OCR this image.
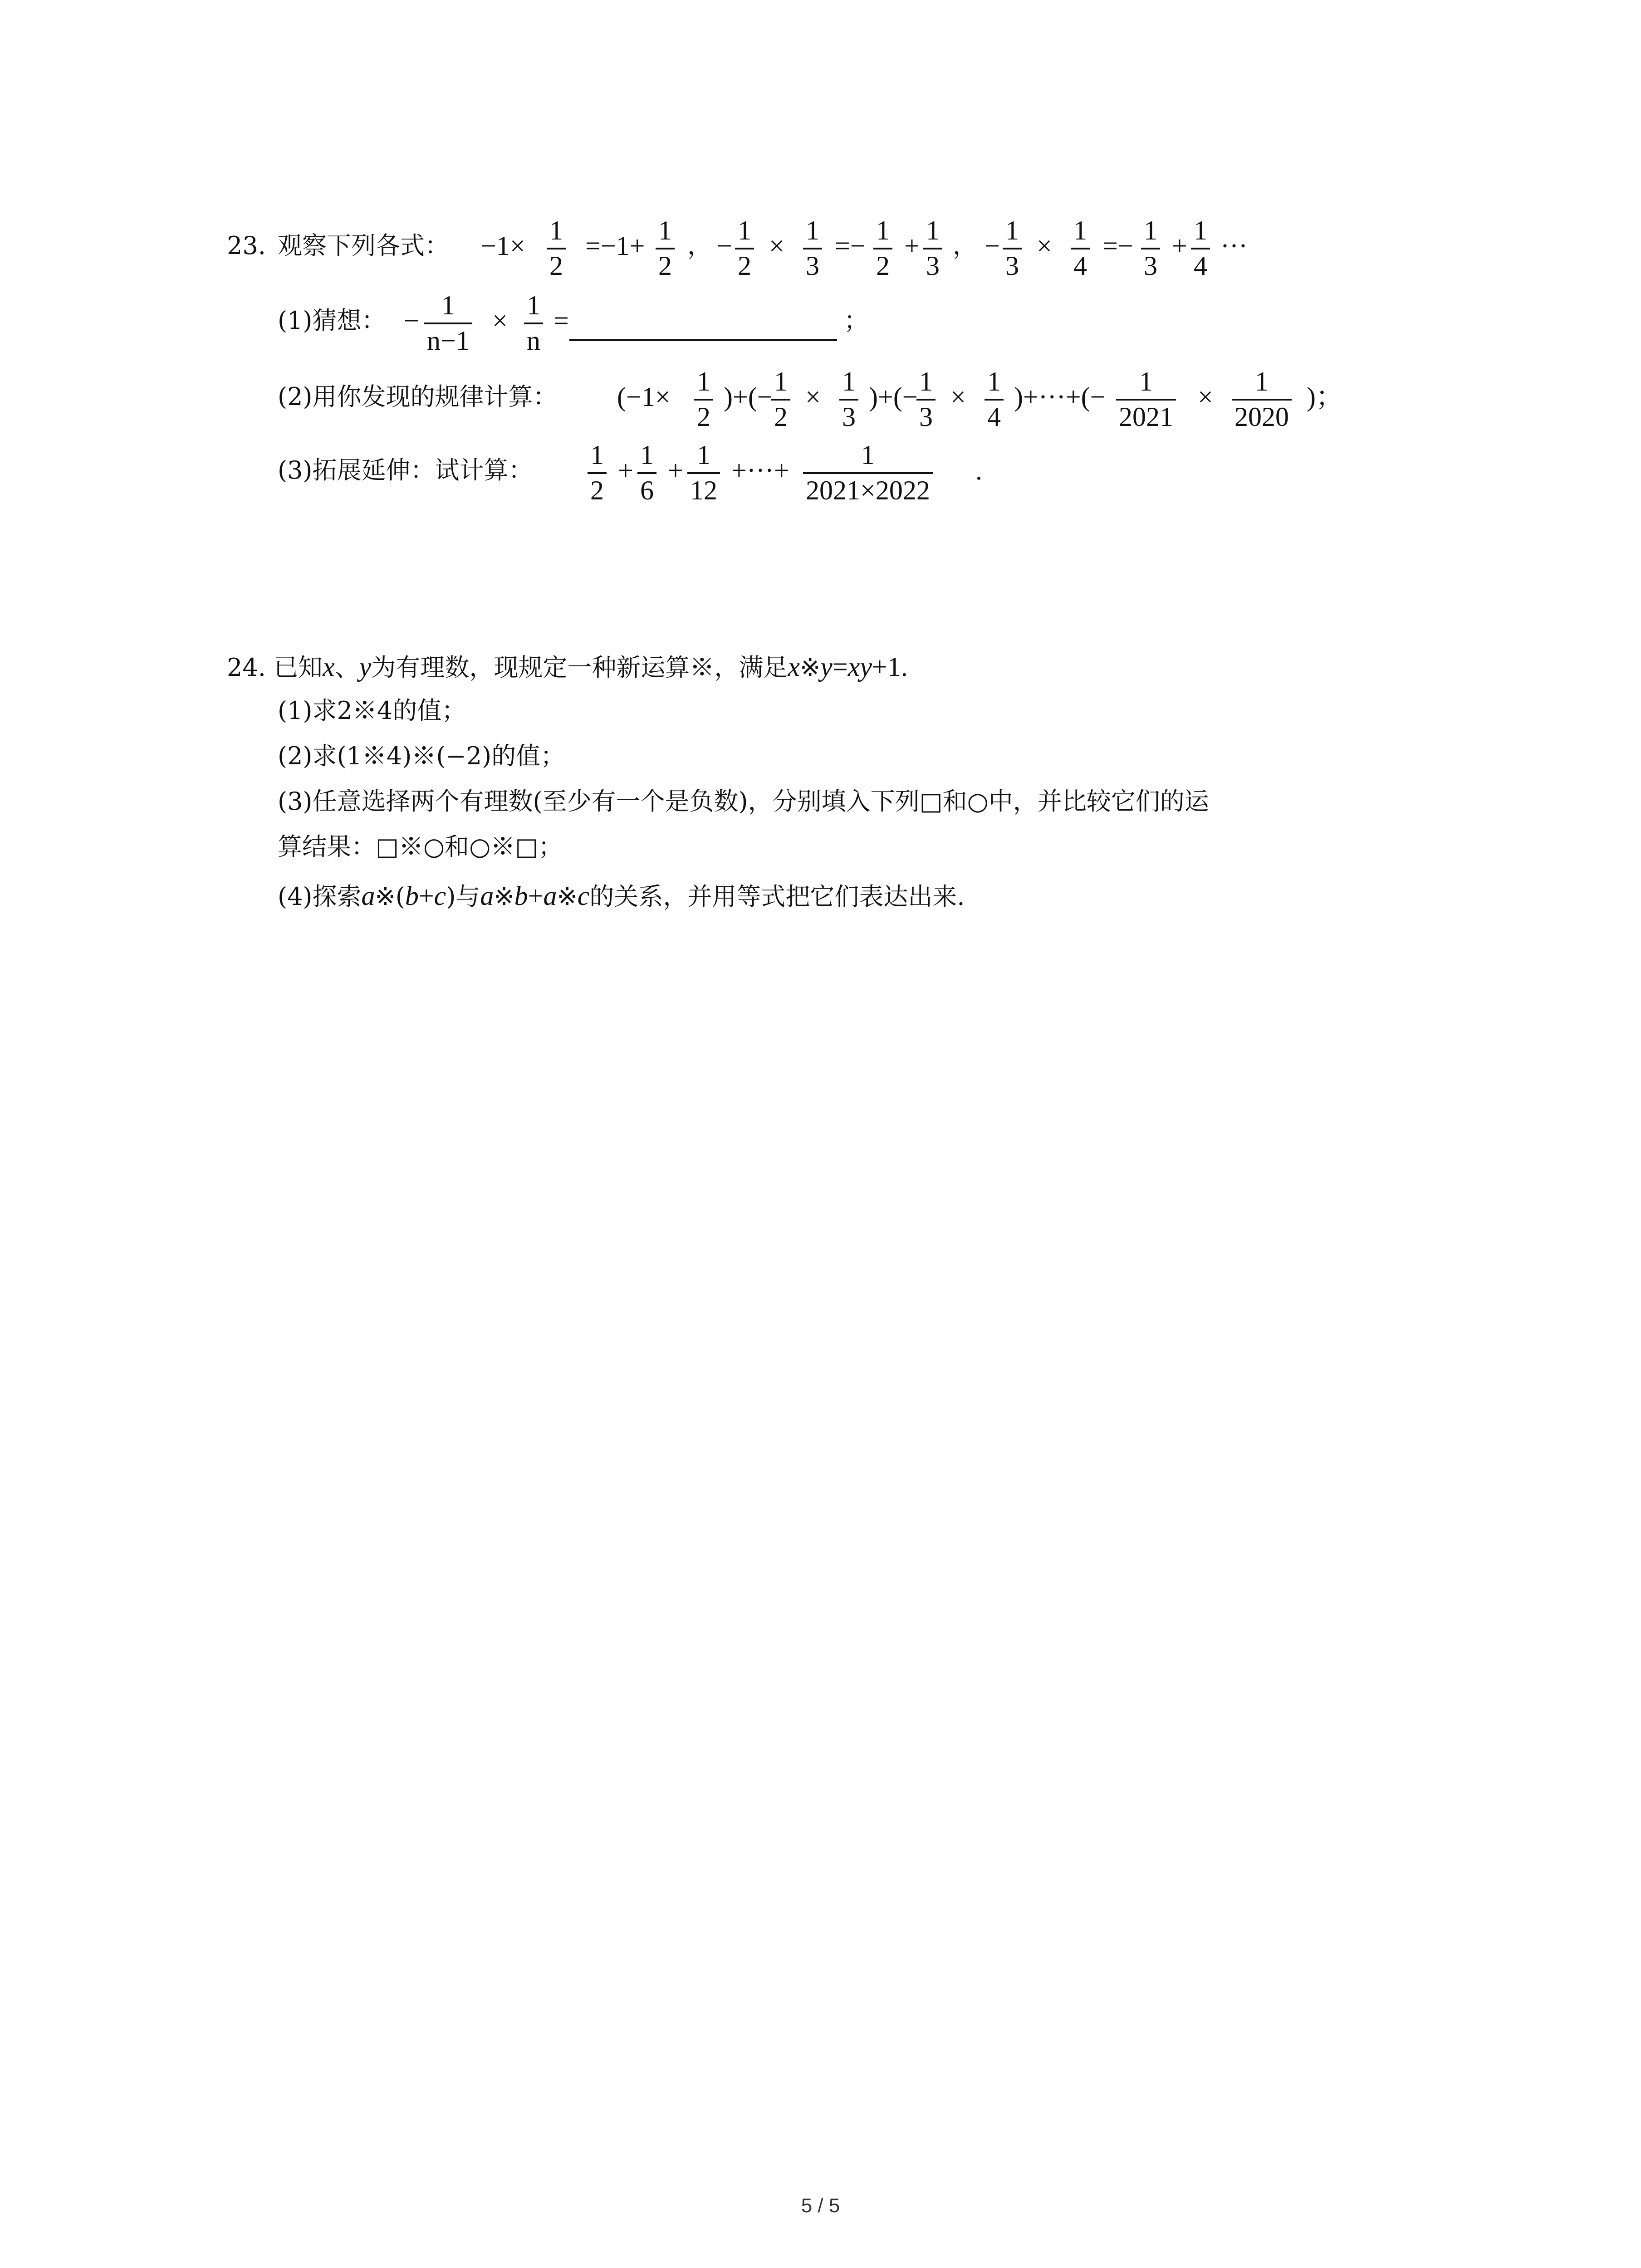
23. 观察下列各式： −1×
1
2
=−1+
1
2
， −
1
2
×
1
3
=−
1
2
+
1
3
， −
1
3
×
1
4
=−
1
3
+
1
4
···
(1)猜想： −
1
n−1
×
1
n
=	；
(2)用你发现的规律计算： (−1×
1
2
)+(−
1
2
×
1
3
)+(−
1
3
×
1
4
)+···+(−
1
2021
×
1
2020
)；
(3)拓展延伸：试计算：
1
2
+
1
6
+
1
12
+···+
1
2021×2022
.
24. 已知x、y为有理数，现规定一种新运算※，满足x※y=xy+1.
(1)求2※4的值；
(2)求(1※4)※(−2)的值；
(3)任意选择两个有理数(至少有一个是负数)，分别填入下列□和○中，并比较它们的运
算结果：□※○和○※□；
(4)探索a※(b+c)与a※b+a※c的关系，并用等式把它们表达出来.
5 / 5
